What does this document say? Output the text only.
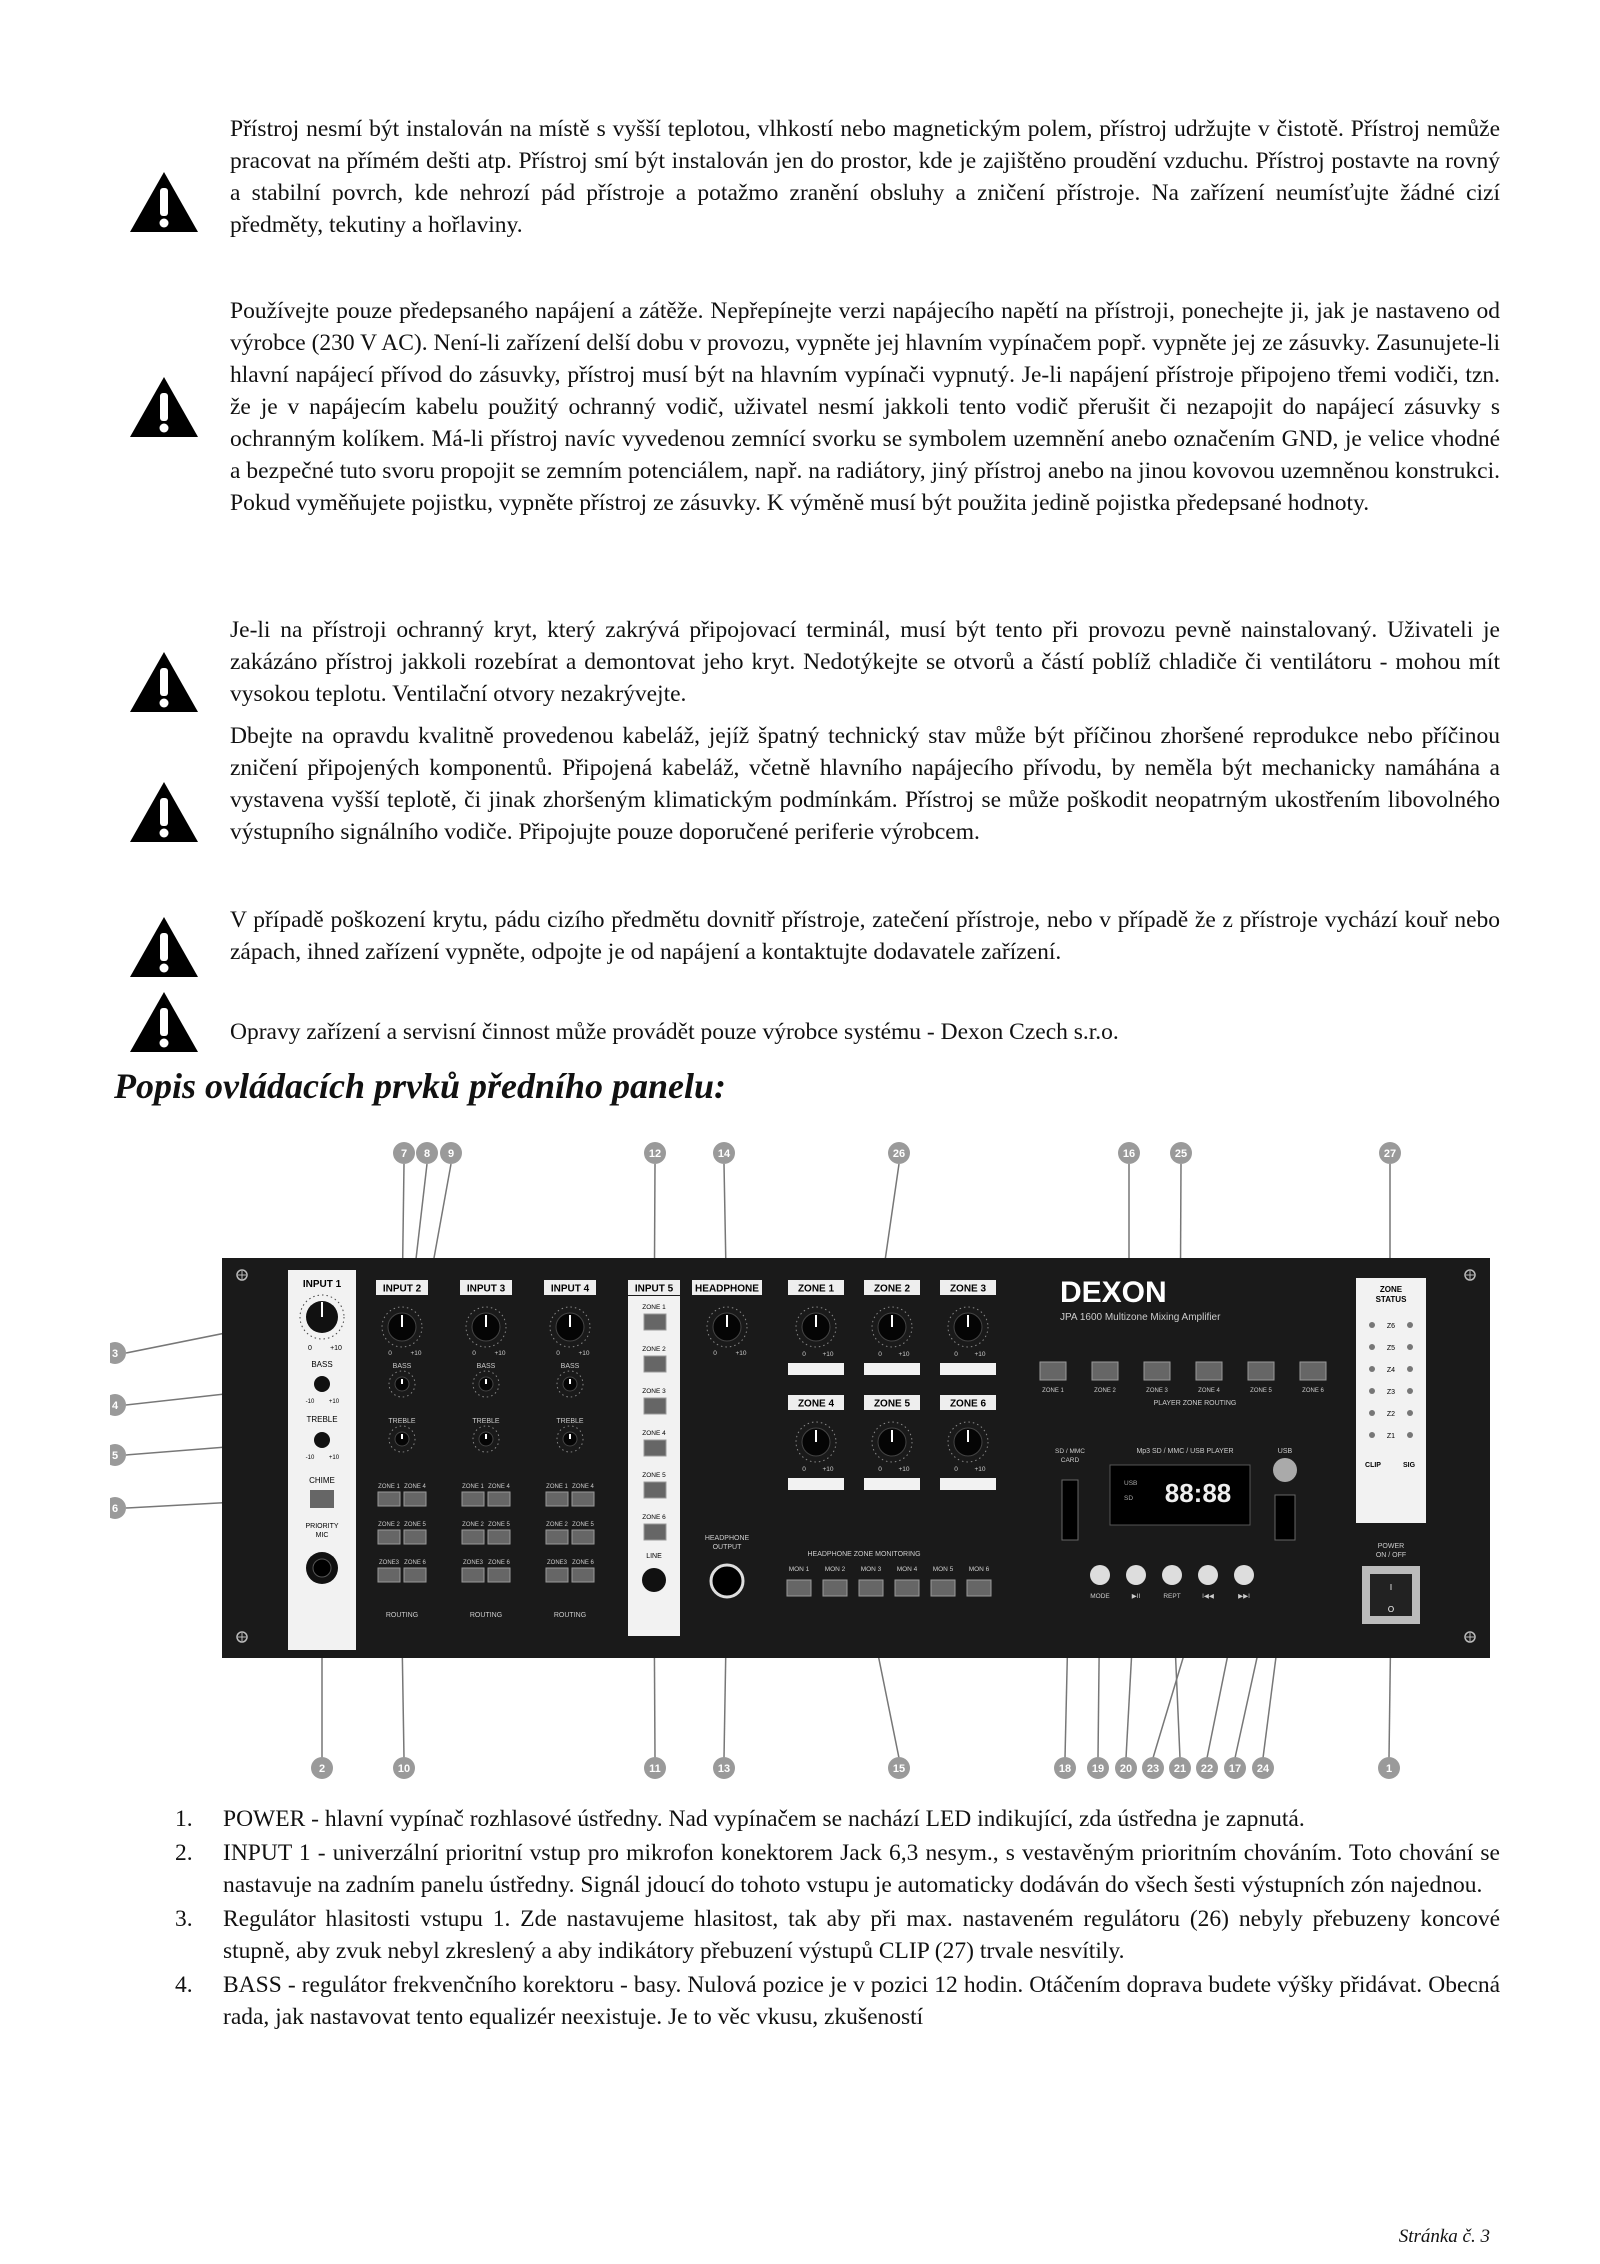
Přístroj nesmí být instalován na místě s vyšší teplotou, vlhkostí nebo magnetickým polem, přístroj udržujte v čistotě. Přístroj nemůže pracovat na přímém dešti atp. Přístroj smí být instalován jen do prostor, kde je zajištěno proudění vzduchu. Přístroj postavte na rovný a stabilní povrch, kde nehrozí pád přístroje a potažmo zranění obsluhy a zničení přístroje. Na zařízení neumísťujte žádné cizí předměty, tekutiny a hořlaviny.
Používejte pouze předepsaného napájení a zátěže. Nepřepínejte verzi napájecího napětí na přístroji, ponechejte ji, jak je nastaveno od výrobce (230 V AC). Není-li zařízení delší dobu v provozu, vypněte jej hlavním vypínačem popř. vypněte jej ze zásuvky. Zasunujete-li hlavní napájecí přívod do zásuvky, přístroj musí být na hlavním vypínači vypnutý. Je-li napájení přístroje připojeno třemi vodiči, tzn. že je v napájecím kabelu použitý ochranný vodič, uživatel nesmí jakkoli tento vodič přerušit či nezapojit do napájecí zásuvky s ochranným kolíkem. Má-li přístroj navíc vyvedenou zemnící svorku se symbolem uzemnění anebo označením GND, je velice vhodné a bezpečné tuto svoru propojit se zemním potenciálem, např. na radiátory, jiný přístroj anebo na jinou kovovou uzemněnou konstrukci. Pokud vyměňujete pojistku, vypněte přístroj ze zásuvky. K výměně musí být použita jedině pojistka předepsané hodnoty.
Je-li na přístroji ochranný kryt, který zakrývá připojovací terminál, musí být tento při provozu pevně nainstalovaný. Uživateli je zakázáno přístroj jakkoli rozebírat a demontovat jeho kryt. Nedotýkejte se otvorů a částí poblíž chladiče či ventilátoru - mohou mít vysokou teplotu. Ventilační otvory nezakrývejte.
Dbejte na opravdu kvalitně provedenou kabeláž, jejíž špatný technický stav může být příčinou zhoršené reprodukce nebo příčinou zničení připojených komponentů. Připojená kabeláž, včetně hlavního napájecího přívodu, by neměla být mechanicky namáhána a vystavena vyšší teplotě, či jinak zhoršeným klimatickým podmínkám. Přístroj se může poškodit neopatrným ukostřením libovolného výstupního signálního vodiče. Připojujte pouze doporučené periferie výrobcem.
V případě poškození krytu, pádu cizího předmětu dovnitř přístroje, zatečení přístroje, nebo v případě že z přístroje vychází kouř nebo zápach, ihned zařízení vypněte, odpojte je od napájení a kontaktujte dodavatele zařízení.
Opravy zařízení a servisní činnost může provádět pouze výrobce systému - Dexon Czech s.r.o.
Popis ovládacích prvků předního panelu:
INPUT 1
0	+10
BASS
-10 +10
TREBLE
-10 +10
CHIME
PRIORITY
MIC
INPUT 2
0	+10
BASS
TREBLE
ZONE 1 ZONE 4
ZONE 2 ZONE 5
ZONE3 ZONE 6
ROUTING
INPUT 3
0	+10
BASS
TREBLE
ZONE 1 ZONE 4
ZONE 2 ZONE 5
ZONE3 ZONE 6
ROUTING
INPUT 4
0	+10
BASS
TREBLE
ZONE 1 ZONE 4
ZONE 2 ZONE 5
ZONE3 ZONE 6
ROUTING
INPUT 5
ZONE 1
ZONE 2
ZONE 3
ZONE 4
ZONE 5
ZONE 6
LINE
HEADPHONE
0	+10
HEADPHONE
OUTPUT
ZONE 1
0	+10
ZONE 2
0	+10
ZONE 3
0	+10
ZONE 4
0	+10
ZONE 5
0	+10
ZONE 6
0	+10
HEADPHONE ZONE MONITORING
MON 1 MON 2 MON 3 MON 4 MON 5 MON 6
DEXON
JPA 1600 Multizone Mixing Amplifier
ZONE 1	ZONE 2	ZONE 3	ZONE 4	ZONE 5	ZONE 6
PLAYER ZONE ROUTING
Mp3 SD / MMC / USB PLAYER
SD / MMC
CARD
USB
SD 88:88
USB
MODE	▶II	REPT	I◀◀	▶▶I
ZONE
STATUS
Z6
Z5
Z4
Z3
Z2
Z1
CLIP	SIG
POWER
ON / OFF
I
O
7 8 9	12	14	26	16	25	27
3
4
5
6
2	10	11	13	15	18 19 20 23 21 22 17 24	1
1. POWER - hlavní vypínač rozhlasové ústředny. Nad vypínačem se nachází LED indikující, zda ústředna je zapnutá.
2. INPUT 1 - univerzální prioritní vstup pro mikrofon konektorem Jack 6,3 nesym., s vestavěným prioritním chováním. Toto chování se nastavuje na zadním panelu ústředny. Signál jdoucí do tohoto vstupu je automaticky dodáván do všech šesti výstupních zón najednou.
3. Regulátor hlasitosti vstupu 1. Zde nastavujeme hlasitost, tak aby při max. nastaveném regulátoru (26) nebyly přebuzeny koncové stupně, aby zvuk nebyl zkreslený a aby indikátory přebuzení výstupů CLIP (27) trvale nesvítily.
4. BASS - regulátor frekvenčního korektoru - basy. Nulová pozice je v pozici 12 hodin. Otáčením doprava budete výšky přidávat. Obecná rada, jak nastavovat tento equalizér neexistuje. Je to věc vkusu, zkušeností
Stránka č. 3
